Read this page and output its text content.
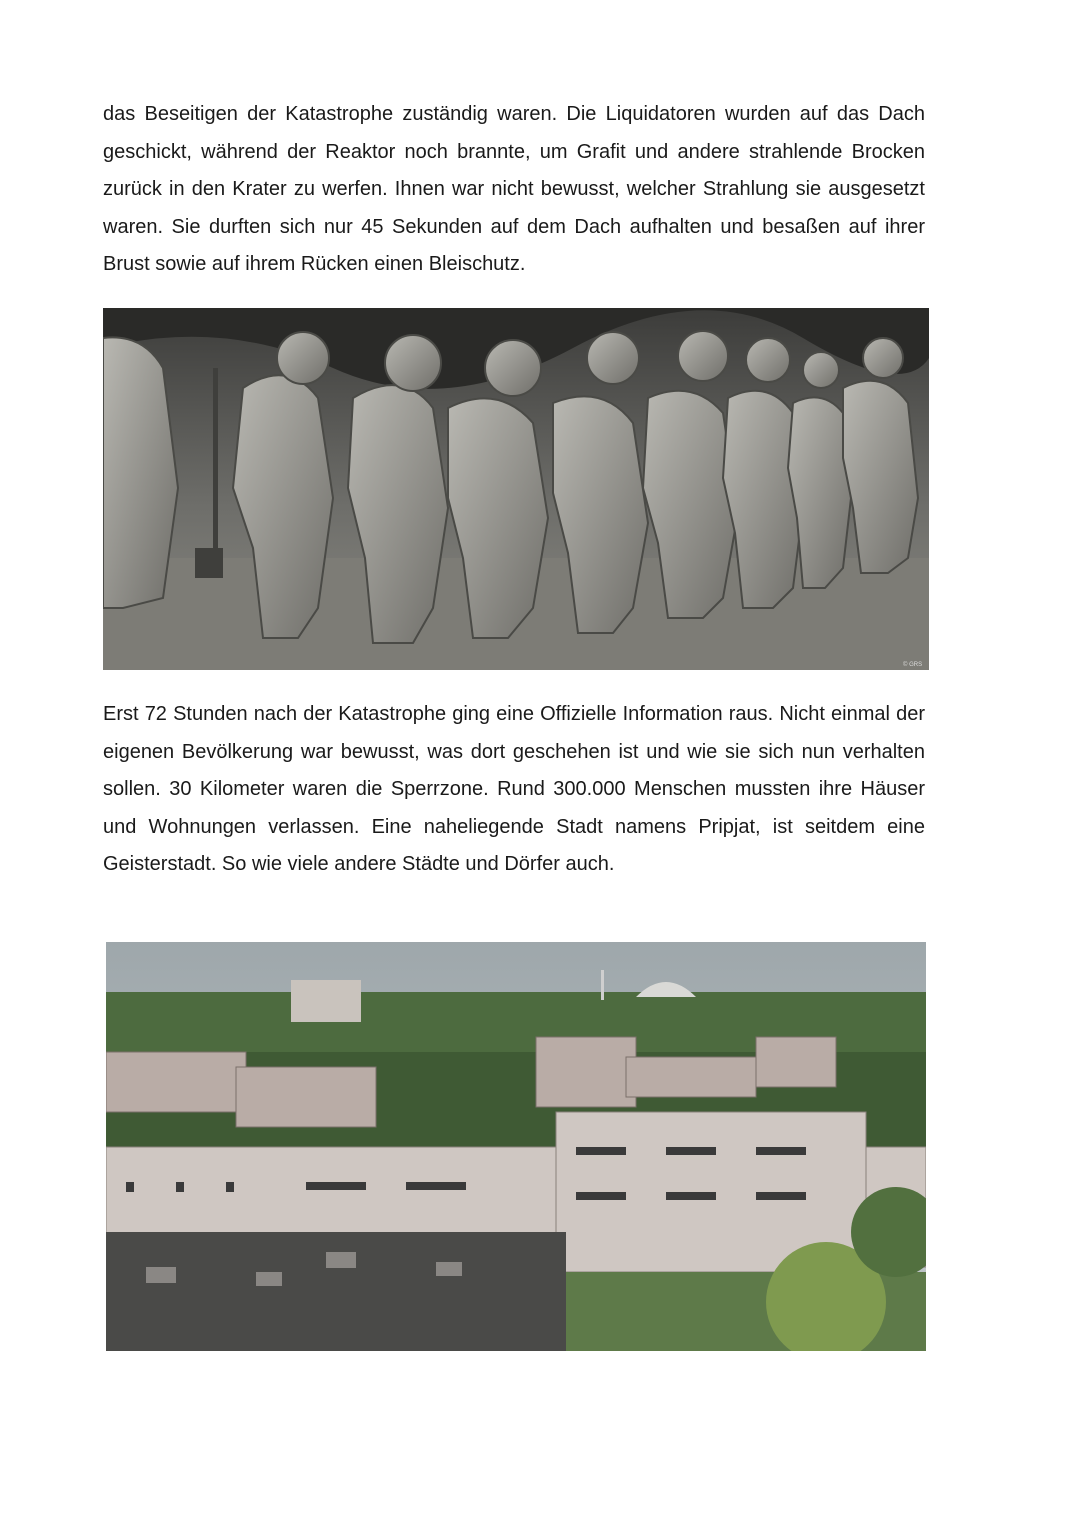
das Beseitigen der Katastrophe zuständig waren. Die Liquidatoren wurden auf das Dach geschickt, während der Reaktor noch brannte, um Grafit und andere strahlende Brocken zurück in den Krater zu werfen. Ihnen war nicht bewusst, welcher Strahlung sie ausgesetzt waren. Sie durften sich nur 45 Sekunden auf dem Dach aufhalten und besaßen auf ihrer Brust sowie auf ihrem Rücken einen Bleischutz.

© GRS

Erst 72 Stunden nach der Katastrophe ging eine Offizielle Information raus. Nicht einmal der eigenen Bevölkerung war bewusst, was dort geschehen ist und wie sie sich nun verhalten sollen. 30 Kilometer waren die Sperrzone. Rund 300.000 Menschen mussten ihre Häuser und Wohnungen verlassen. Eine naheliegende Stadt namens Pripjat, ist seitdem eine Geisterstadt. So wie viele andere Städte und Dörfer auch.
